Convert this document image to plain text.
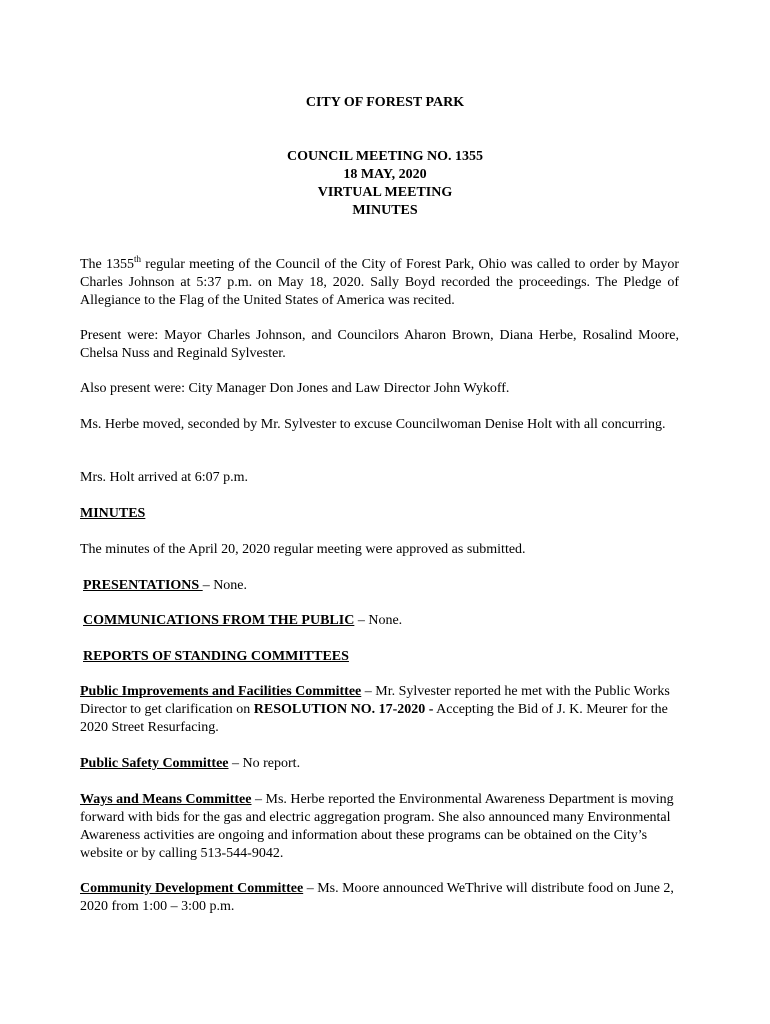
CITY OF FOREST PARK
COUNCIL MEETING NO. 1355
18 MAY, 2020
VIRTUAL MEETING
MINUTES
The 1355th regular meeting of the Council of the City of Forest Park, Ohio was called to order by Mayor Charles Johnson at 5:37 p.m. on May 18, 2020. Sally Boyd recorded the proceedings. The Pledge of Allegiance to the Flag of the United States of America was recited.
Present were: Mayor Charles Johnson, and Councilors Aharon Brown, Diana Herbe, Rosalind Moore, Chelsa Nuss and Reginald Sylvester.
Also present were: City Manager Don Jones and Law Director John Wykoff.
Ms. Herbe moved, seconded by Mr. Sylvester to excuse Councilwoman Denise Holt with all concurring.
Mrs. Holt arrived at 6:07 p.m.
MINUTES
The minutes of the April 20, 2020 regular meeting were approved as submitted.
PRESENTATIONS – None.
COMMUNICATIONS FROM THE PUBLIC – None.
REPORTS OF STANDING COMMITTEES
Public Improvements and Facilities Committee – Mr. Sylvester reported he met with the Public Works Director to get clarification on RESOLUTION NO. 17-2020 - Accepting the Bid of J. K. Meurer for the 2020 Street Resurfacing.
Public Safety Committee – No report.
Ways and Means Committee – Ms. Herbe reported the Environmental Awareness Department is moving forward with bids for the gas and electric aggregation program. She also announced many Environmental Awareness activities are ongoing and information about these programs can be obtained on the City’s website or by calling 513-544-9042.
Community Development Committee – Ms. Moore announced WeThrive will distribute food on June 2, 2020 from 1:00 – 3:00 p.m.
